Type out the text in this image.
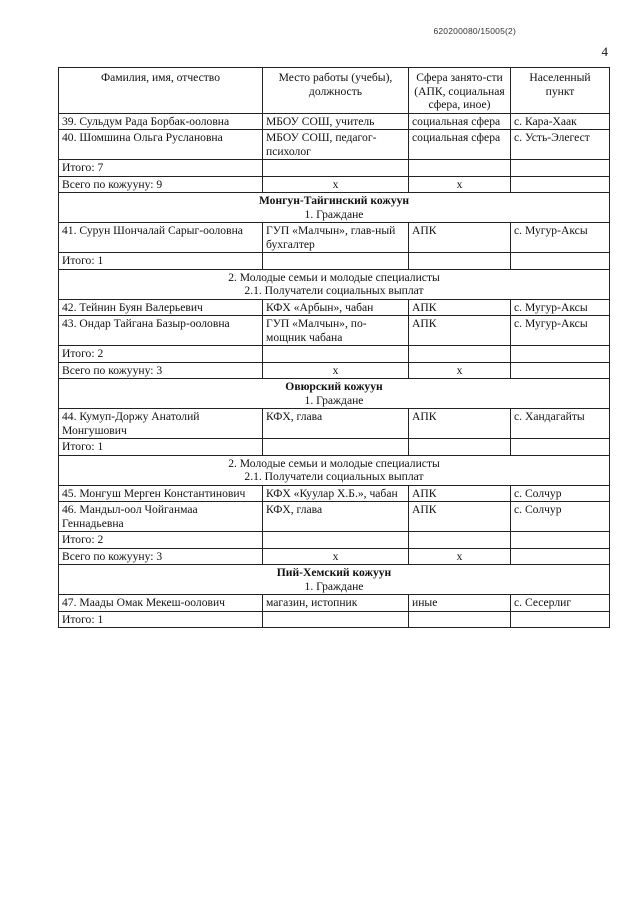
620200080/15005(2)
4
Фамилия, имя, отчество	Место работы (учебы), должность	Сфера занято-сти (АПК, социальная сфера, иное)	Населенный пункт
39. Сульдум Рада Борбак-ооловна	МБОУ СОШ, учитель	социальная сфера	с. Кара-Хаак
40. Шомшина Ольга Руслановна	МБОУ СОШ, педагог-психолог	социальная сфера	с. Усть-Элегест
Итого: 7			
Всего по кожууну: 9	x	x	

Монгун-Тайгинский кожуун
1. Граждане			

41. Сурун Шончалай Сарыг-ооловна	ГУП «Малчын», глав-ный бухгалтер	АПК	с. Мугур-Аксы
Итого: 1			

2. Молодые семьи и молодые специалисты
2.1. Получатели социальных выплат			

42. Тейнин Буян Валерьевич	КФХ «Арбын», чабан	АПК	с. Мугур-Аксы
43. Ондар Тайгана Базыр-ооловна	ГУП «Малчын», по-мощник чабана	АПК	с. Мугур-Аксы
Итого: 2			
Всего по кожууну: 3	x	x	

Овюрский кожуун
1. Граждане			

44. Кумуп-Доржу Анатолий Монгушович	КФХ, глава	АПК	с. Хандагайты
Итого: 1			

2. Молодые семьи и молодые специалисты
2.1. Получатели социальных выплат			

45. Монгуш Мерген Константинович	КФХ «Куулар Х.Б.», чабан	АПК	с. Солчур
46. Мандыл-оол Чойганмаа Геннадьевна	КФХ, глава	АПК	с. Солчур
Итого: 2			
Всего по кожууну: 3	x	x	

Пий-Хемский кожуун
1. Граждане			

47. Маады Омак Мекеш-оолович	магазин, истопник	иные	с. Сесерлиг
Итого: 1			
